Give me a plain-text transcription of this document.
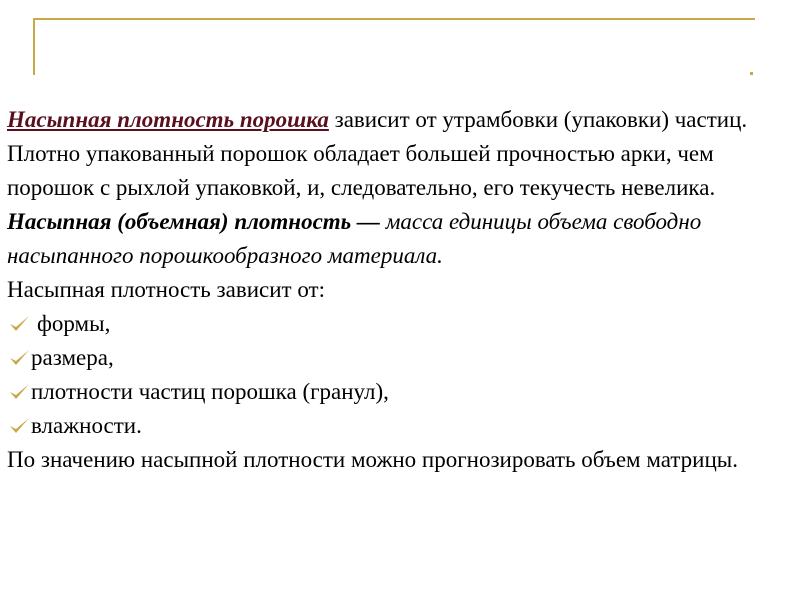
Насыпная плотность порошка зависит от утрамбовки (упаковки) частиц. Плотно упакованный порошок обладает большей прочностью арки, чем порошок с рыхлой упаковкой, и, следовательно, его текучесть невелика.

Насыпная (объемная) плотность — масса единицы объема свободно насыпанного порошкообразного материала.

Насыпная плотность зависит от:

формы,
размера,
плотности частиц порошка (гранул),
влажности.

По значению насыпной плотности можно прогнозировать объем матрицы.
